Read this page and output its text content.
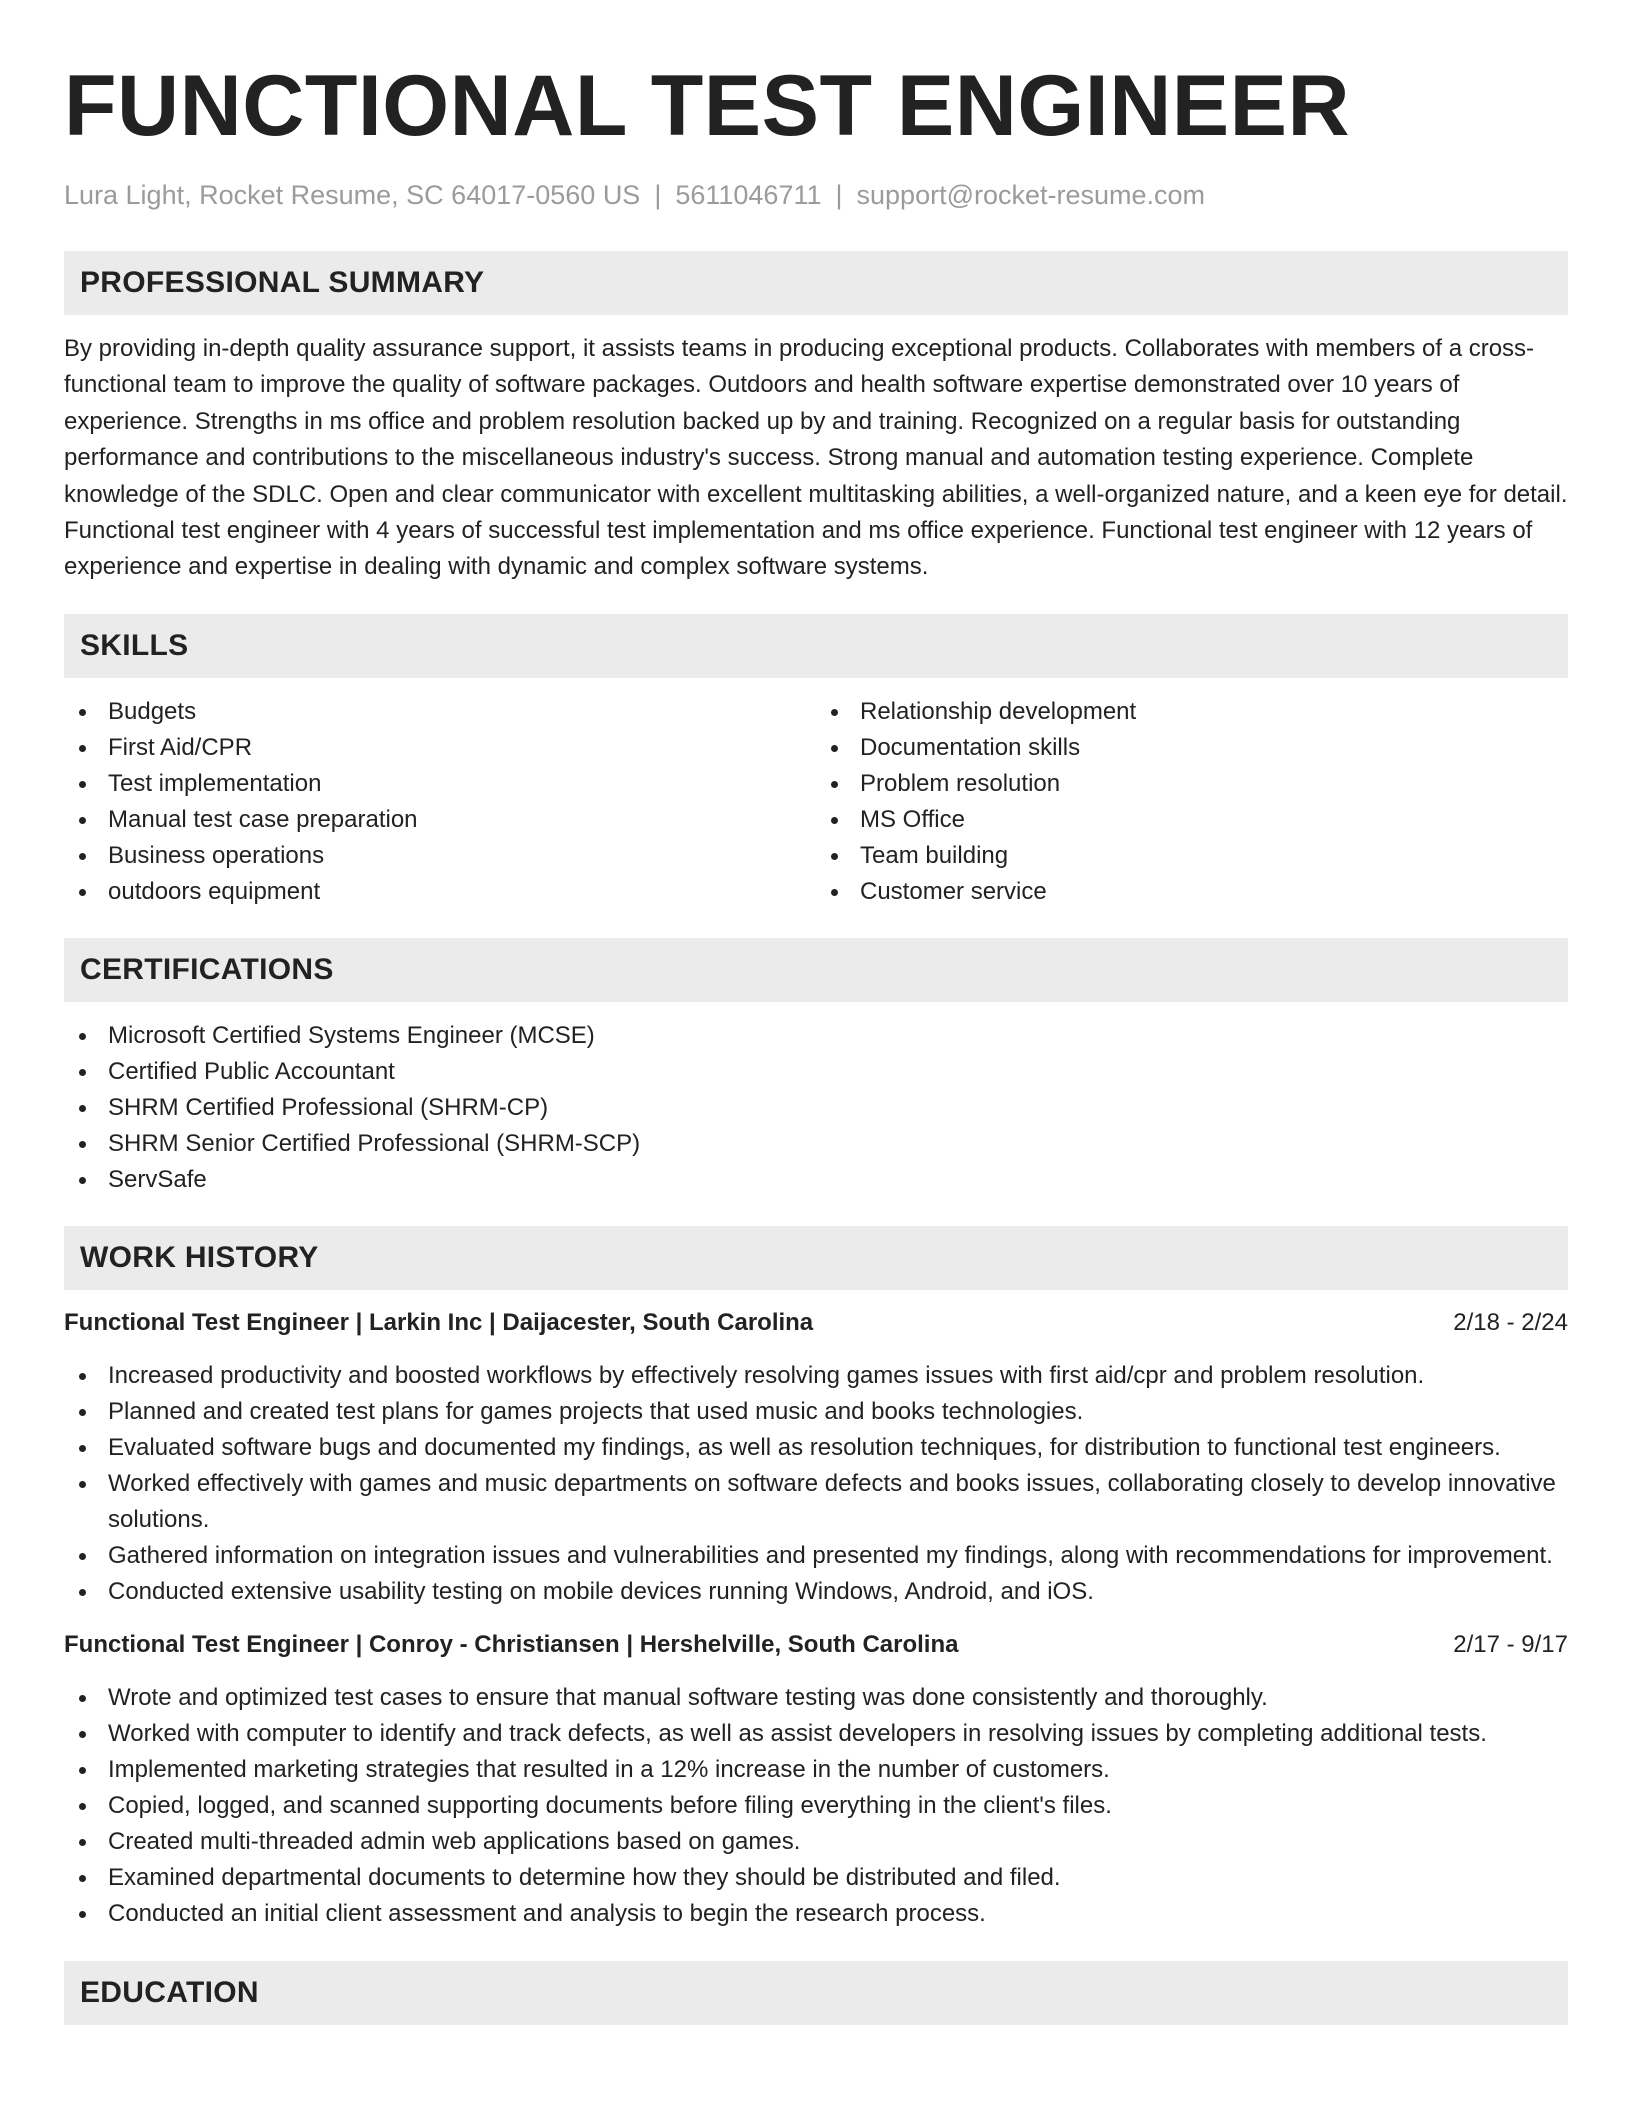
FUNCTIONAL TEST ENGINEER
Lura Light, Rocket Resume, SC 64017-0560 US | 5611046711 | support@rocket-resume.com
PROFESSIONAL SUMMARY

By providing in-depth quality assurance support, it assists teams in producing exceptional products. Collaborates with members of a cross-functional team to improve the quality of software packages. Outdoors and health software expertise demonstrated over 10 years of experience. Strengths in ms office and problem resolution backed up by and training. Recognized on a regular basis for outstanding performance and contributions to the miscellaneous industry's success. Strong manual and automation testing experience. Complete knowledge of the SDLC. Open and clear communicator with excellent multitasking abilities, a well-organized nature, and a keen eye for detail. Functional test engineer with 4 years of successful test implementation and ms office experience. Functional test engineer with 12 years of experience and expertise in dealing with dynamic and complex software systems.

SKILLS
Budgets
First Aid/CPR
Test implementation
Manual test case preparation
Business operations
outdoors equipment
Relationship development
Documentation skills
Problem resolution
MS Office
Team building
Customer service
CERTIFICATIONS
Microsoft Certified Systems Engineer (MCSE)
Certified Public Accountant
SHRM Certified Professional (SHRM-CP)
SHRM Senior Certified Professional (SHRM-SCP)
ServSafe
WORK HISTORY
Functional Test Engineer | Larkin Inc | Daijacester, South Carolina	2/18 - 2/24
Increased productivity and boosted workflows by effectively resolving games issues with first aid/cpr and problem resolution.
Planned and created test plans for games projects that used music and books technologies.
Evaluated software bugs and documented my findings, as well as resolution techniques, for distribution to functional test engineers.
Worked effectively with games and music departments on software defects and books issues, collaborating closely to develop innovative solutions.
Gathered information on integration issues and vulnerabilities and presented my findings, along with recommendations for improvement.
Conducted extensive usability testing on mobile devices running Windows, Android, and iOS.
Functional Test Engineer | Conroy - Christiansen | Hershelville, South Carolina	2/17 - 9/17
Wrote and optimized test cases to ensure that manual software testing was done consistently and thoroughly.
Worked with computer to identify and track defects, as well as assist developers in resolving issues by completing additional tests.
Implemented marketing strategies that resulted in a 12% increase in the number of customers.
Copied, logged, and scanned supporting documents before filing everything in the client's files.
Created multi-threaded admin web applications based on games.
Examined departmental documents to determine how they should be distributed and filed.
Conducted an initial client assessment and analysis to begin the research process.
EDUCATION
